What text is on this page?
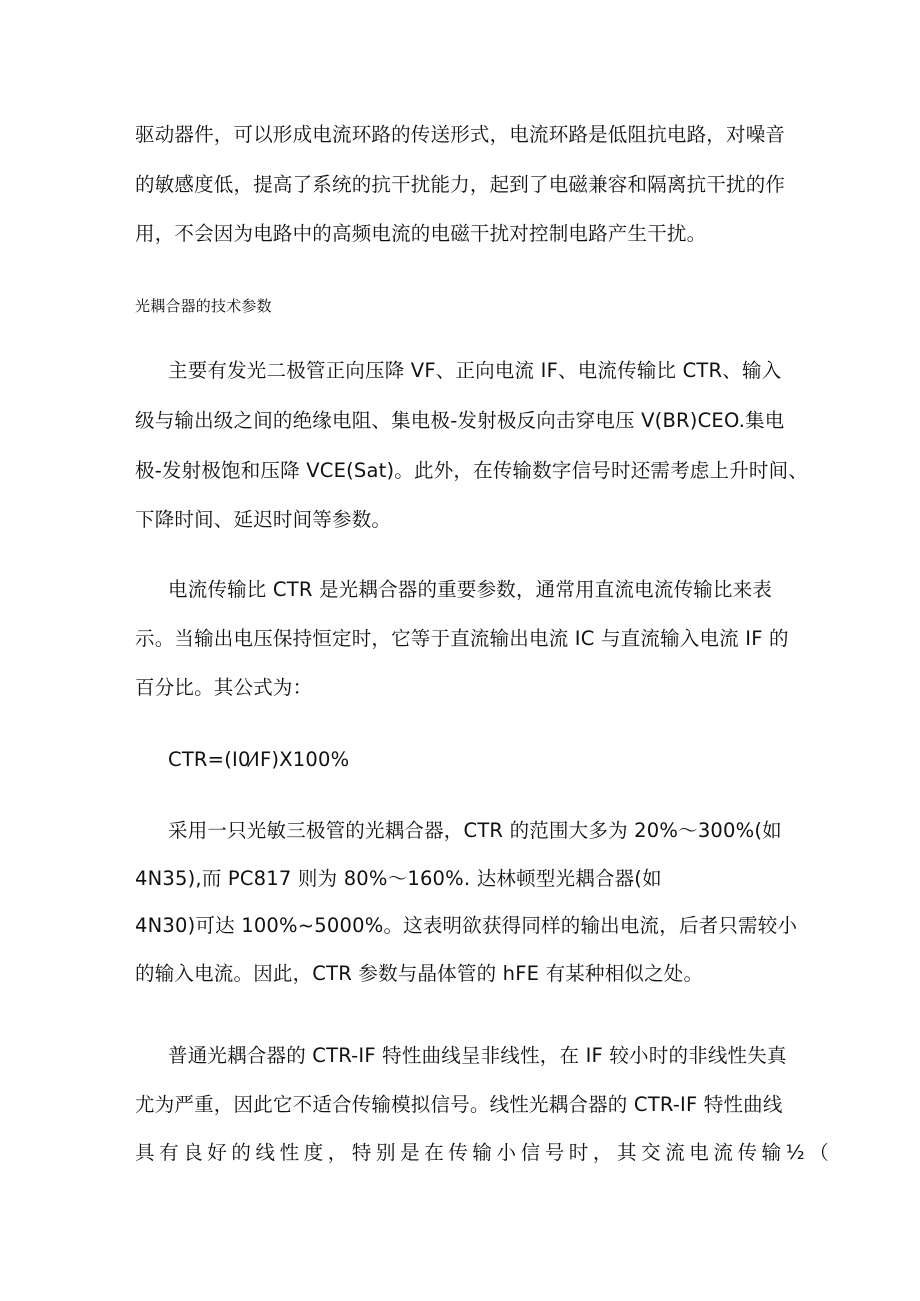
驱动器件，可以形成电流环路的传送形式，电流环路是低阻抗电路，对噪音
的敏感度低，提高了系统的抗干扰能力，起到了电磁兼容和隔离抗干扰的作
用，不会因为电路中的高频电流的电磁干扰对控制电路产生干扰。
光耦合器的技术参数
主要有发光二极管正向压降 VF、正向电流 IF、电流传输比 CTR、输入
级与输出级之间的绝缘电阻、集电极-发射极反向击穿电压 V(BR)CEO.集电
极-发射极饱和压降 VCE(Sat)。此外，在传输数字信号时还需考虑上升时间、
下降时间、延迟时间等参数。
电流传输比 CTR 是光耦合器的重要参数，通常用直流电流传输比来表
示。当输出电压保持恒定时，它等于直流输出电流 IC 与直流输入电流 IF 的
百分比。其公式为：
CTR=(I0⁄IF)X100%
采用一只光敏三极管的光耦合器，CTR 的范围大多为 20%～300%(如
4N35),而 PC817 则为 80%～160%. 达林顿型光耦合器(如
4N30)可达 100%~5000%。这表明欲获得同样的输出电流，后者只需较小
的输入电流。因此，CTR 参数与晶体管的 hFE 有某种相似之处。
普通光耦合器的 CTR-IF 特性曲线呈非线性，在 IF 较小时的非线性失真
尤为严重，因此它不适合传输模拟信号。线性光耦合器的 CTR-IF 特性曲线
具有良好的线性度，特别是在传输小信号时，其交流电流传输½（
